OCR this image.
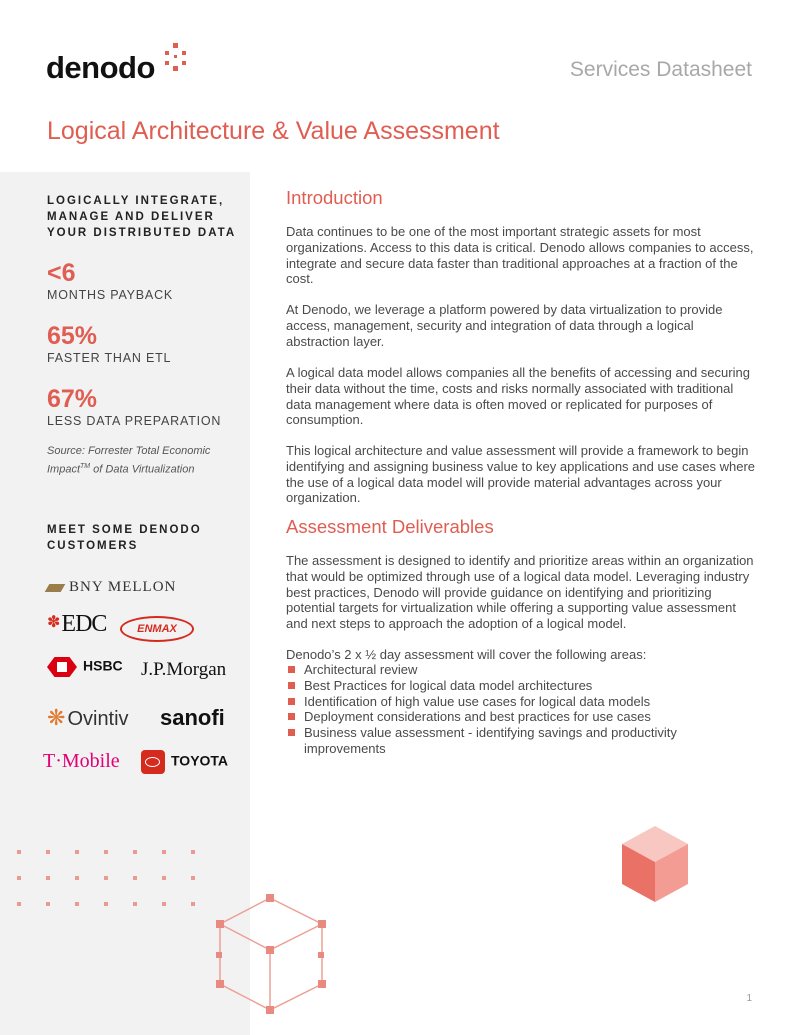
denodo	Services Datasheet
Logical Architecture & Value Assessment
LOGICALLY INTEGRATE, MANAGE AND DELIVER YOUR DISTRIBUTED DATA
<6
MONTHS PAYBACK
65%
FASTER THAN ETL
67%
LESS DATA PREPARATION
Source: Forrester Total Economic Impact™ of Data Virtualization
MEET SOME DENODO CUSTOMERS
BNY MELLON
✽EDC	ENMAX
HSBC J.P.Morgan
❋ Ovintiv sanofi
T·Mobile	TOYOTA
Introduction

Data continues to be one of the most important strategic assets for most organizations. Access to this data is critical. Denodo allows companies to access, integrate and secure data faster than traditional approaches at a fraction of the cost.

At Denodo, we leverage a platform powered by data virtualization to provide access, management, security and integration of data through a logical abstraction layer.

A logical data model allows companies all the benefits of accessing and securing their data without the time, costs and risks normally associated with traditional data management where data is often moved or replicated for purposes of consumption.

This logical architecture and value assessment will provide a framework to begin identifying and assigning business value to key applications and use cases where the use of a logical data model will provide material advantages across your organization.

Assessment Deliverables

The assessment is designed to identify and prioritize areas within an organization that would be optimized through use of a logical data model. Leveraging industry best practices, Denodo will provide guidance on identifying and prioritizing potential targets for virtualization while offering a supporting value assessment and next steps to approach the adoption of a logical model.

Denodo’s 2 x ½ day assessment will cover the following areas:

Architectural review
Best Practices for logical data model architectures
Identification of high value use cases for logical data models
Deployment considerations and best practices for use cases
Business value assessment - identifying savings and productivity improvements
1
